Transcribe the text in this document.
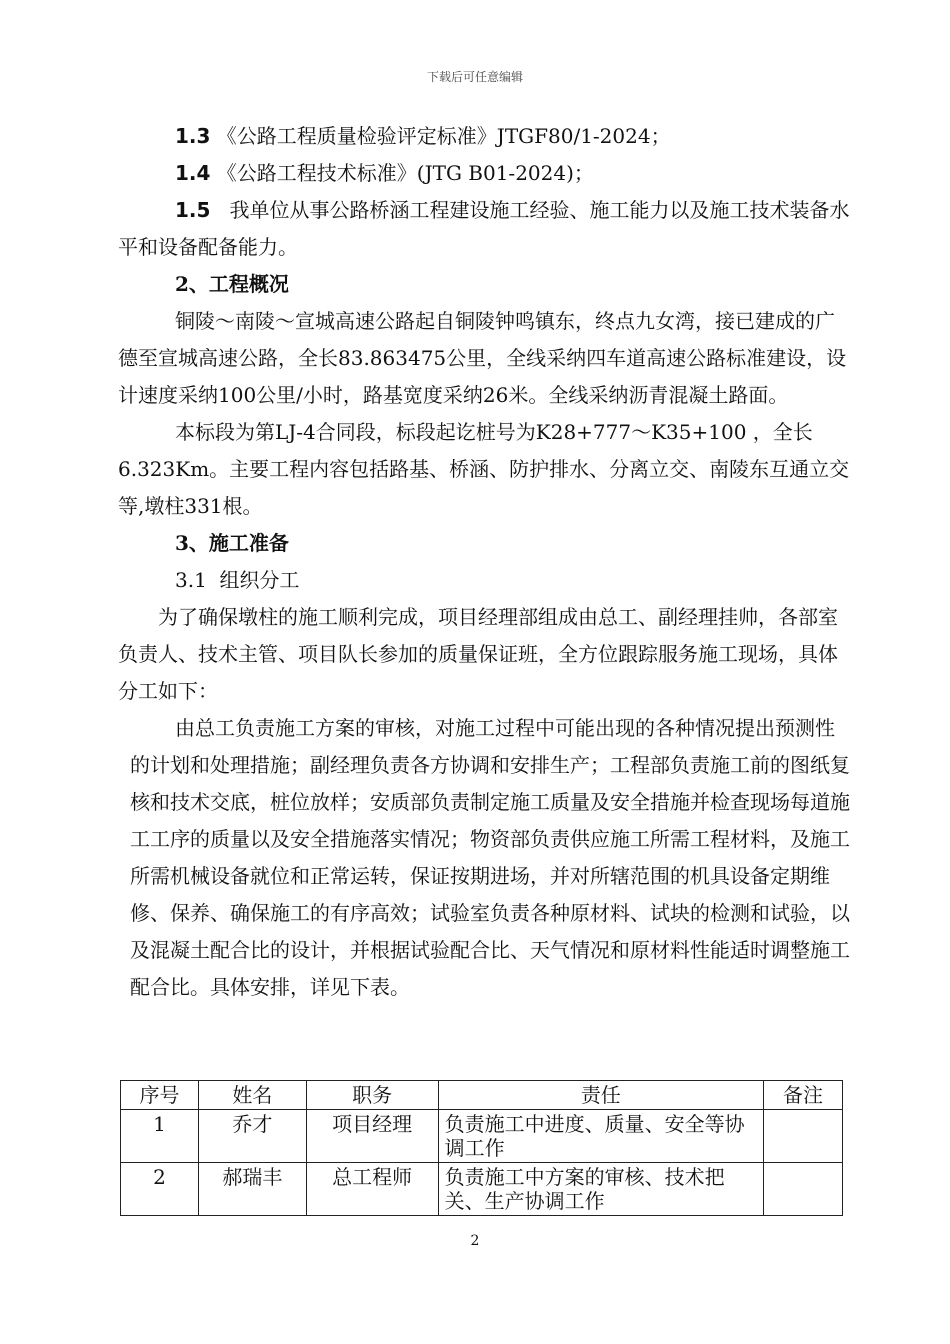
下载后可任意编辑

1.3 《公路工程质量检验评定标准》JTGF80/1-2024；

1.4 《公路工程技术标准》(JTG B01-2024)；

1.5 我单位从事公路桥涵工程建设施工经验、施工能力以及施工技术装备水平和设备配备能力。

2、工程概况

铜陵～南陵～宣城高速公路起自铜陵钟鸣镇东，终点九女湾，接已建成的广德至宣城高速公路，全长83.863475公里，全线采纳四车道高速公路标准建设，设计速度采纳100公里/小时，路基宽度采纳26米。全线采纳沥青混凝土路面。

本标段为第LJ-4合同段，标段起讫桩号为K28+777～K35+100 ，全长6.323Km。主要工程内容包括路基、桥涵、防护排水、分离立交、南陵东互通立交等,墩柱331根。

3、施工准备

3.1  组织分工

为了确保墩柱的施工顺利完成，项目经理部组成由总工、副经理挂帅，各部室负责人、技术主管、项目队长参加的质量保证班，全方位跟踪服务施工现场，具体分工如下：

由总工负责施工方案的审核，对施工过程中可能出现的各种情况提出预测性的计划和处理措施；副经理负责各方协调和安排生产；工程部负责施工前的图纸复核和技术交底，桩位放样；安质部负责制定施工质量及安全措施并检查现场每道施工工序的质量以及安全措施落实情况；物资部负责供应施工所需工程材料，及施工所需机械设备就位和正常运转，保证按期进场，并对所辖范围的机具设备定期维修、保养、确保施工的有序高效；试验室负责各种原材料、试块的检测和试验，以及混凝土配合比的设计，并根据试验配合比、天气情况和原材料性能适时调整施工配合比。具体安排，详见下表。

序号	姓名	职务	责任	备注
1	乔才	项目经理	负责施工中进度、质量、安全等协调工作	
2	郝瑞丰	总工程师	负责施工中方案的审核、技术把关、生产协调工作	
2
